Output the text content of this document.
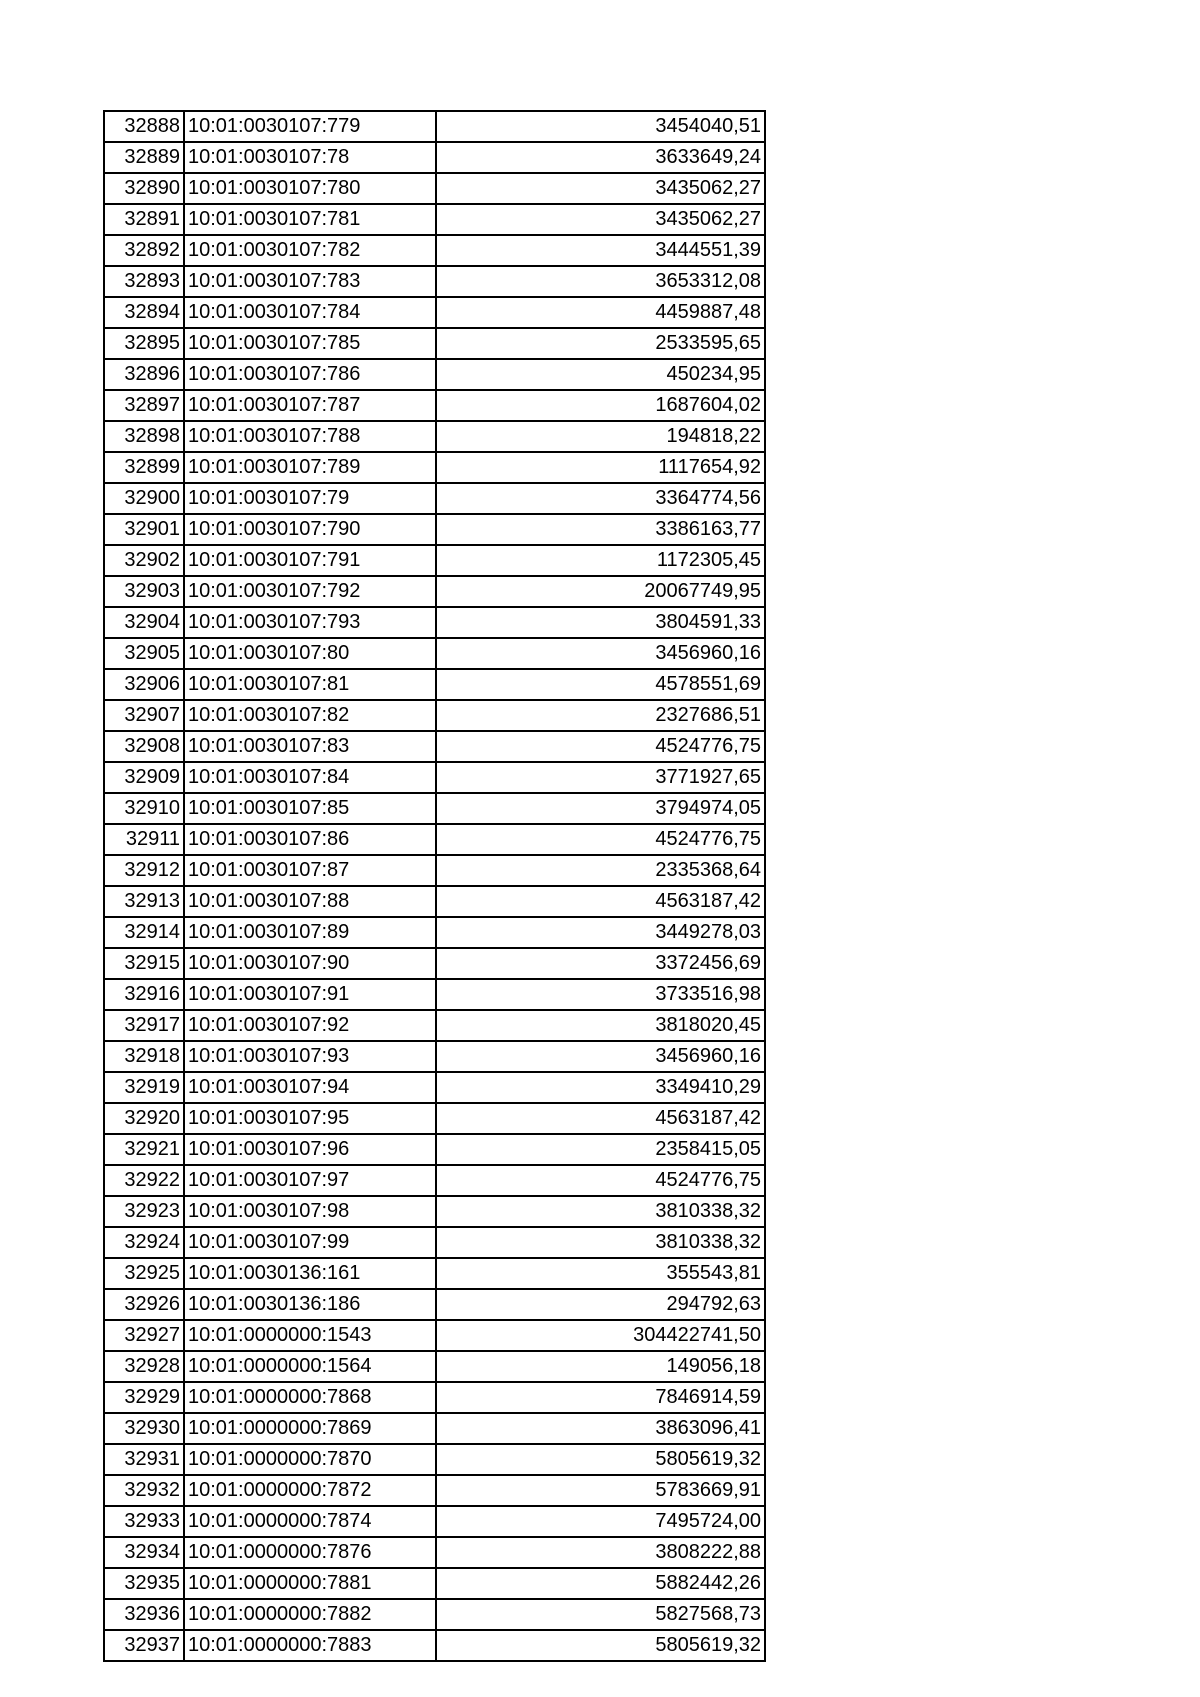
32888	10:01:0030107:779	3454040,51
32889	10:01:0030107:78	3633649,24
32890	10:01:0030107:780	3435062,27
32891	10:01:0030107:781	3435062,27
32892	10:01:0030107:782	3444551,39
32893	10:01:0030107:783	3653312,08
32894	10:01:0030107:784	4459887,48
32895	10:01:0030107:785	2533595,65
32896	10:01:0030107:786	450234,95
32897	10:01:0030107:787	1687604,02
32898	10:01:0030107:788	194818,22
32899	10:01:0030107:789	1117654,92
32900	10:01:0030107:79	3364774,56
32901	10:01:0030107:790	3386163,77
32902	10:01:0030107:791	1172305,45
32903	10:01:0030107:792	20067749,95
32904	10:01:0030107:793	3804591,33
32905	10:01:0030107:80	3456960,16
32906	10:01:0030107:81	4578551,69
32907	10:01:0030107:82	2327686,51
32908	10:01:0030107:83	4524776,75
32909	10:01:0030107:84	3771927,65
32910	10:01:0030107:85	3794974,05
32911	10:01:0030107:86	4524776,75
32912	10:01:0030107:87	2335368,64
32913	10:01:0030107:88	4563187,42
32914	10:01:0030107:89	3449278,03
32915	10:01:0030107:90	3372456,69
32916	10:01:0030107:91	3733516,98
32917	10:01:0030107:92	3818020,45
32918	10:01:0030107:93	3456960,16
32919	10:01:0030107:94	3349410,29
32920	10:01:0030107:95	4563187,42
32921	10:01:0030107:96	2358415,05
32922	10:01:0030107:97	4524776,75
32923	10:01:0030107:98	3810338,32
32924	10:01:0030107:99	3810338,32
32925	10:01:0030136:161	355543,81
32926	10:01:0030136:186	294792,63
32927	10:01:0000000:1543	304422741,50
32928	10:01:0000000:1564	149056,18
32929	10:01:0000000:7868	7846914,59
32930	10:01:0000000:7869	3863096,41
32931	10:01:0000000:7870	5805619,32
32932	10:01:0000000:7872	5783669,91
32933	10:01:0000000:7874	7495724,00
32934	10:01:0000000:7876	3808222,88
32935	10:01:0000000:7881	5882442,26
32936	10:01:0000000:7882	5827568,73
32937	10:01:0000000:7883	5805619,32
